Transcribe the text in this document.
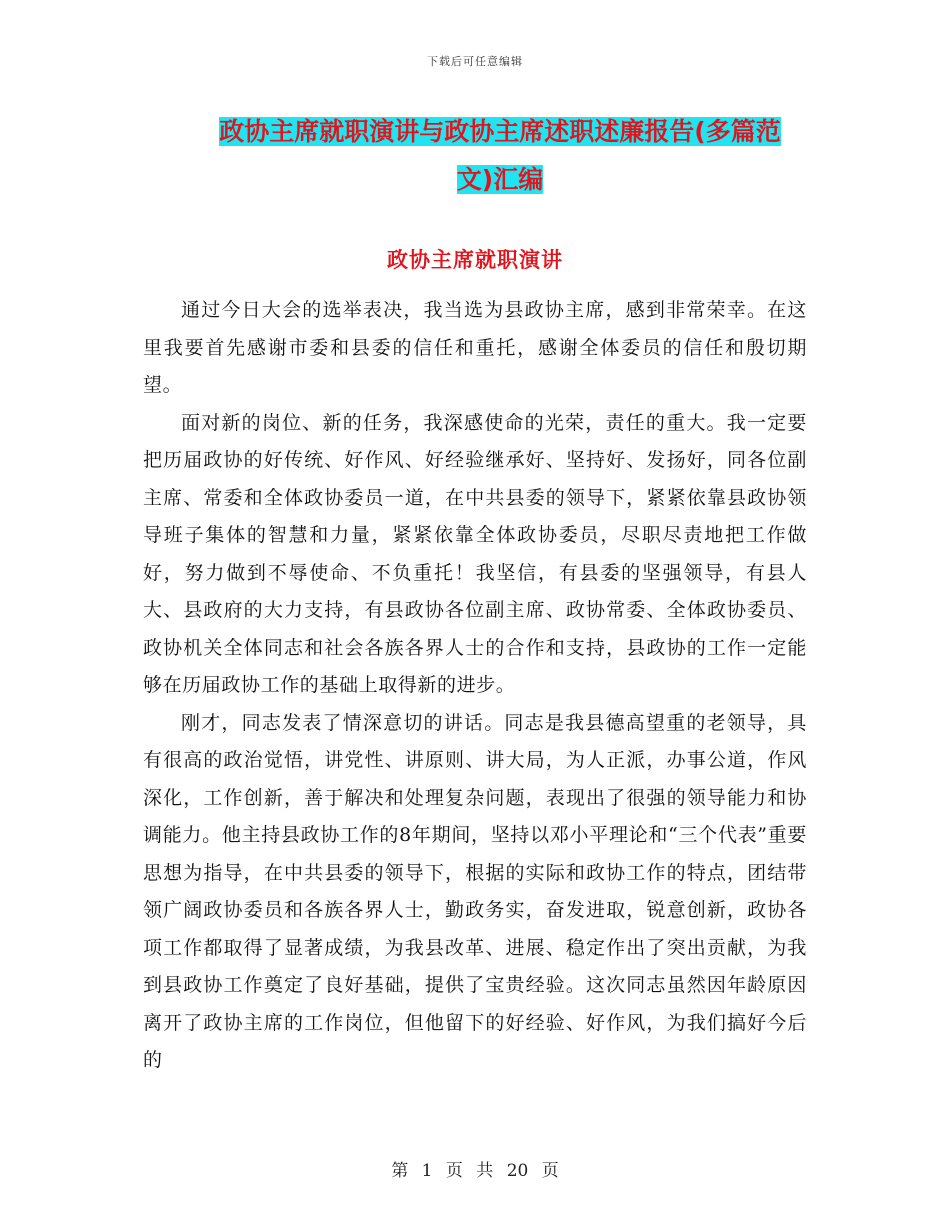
下载后可任意编辑
政协主席就职演讲与政协主席述职述廉报告(多篇范
文)汇编
政协主席就职演讲

通过今日大会的选举表决，我当选为县政协主席，感到非常荣幸。在这里我要首先感谢市委和县委的信任和重托，感谢全体委员的信任和殷切期望。

面对新的岗位、新的任务，我深感使命的光荣，责任的重大。我一定要把历届政协的好传统、好作风、好经验继承好、坚持好、发扬好，同各位副主席、常委和全体政协委员一道，在中共县委的领导下，紧紧依靠县政协领导班子集体的智慧和力量，紧紧依靠全体政协委员，尽职尽责地把工作做好，努力做到不辱使命、不负重托！我坚信，有县委的坚强领导，有县人大、县政府的大力支持，有县政协各位副主席、政协常委、全体政协委员、政协机关全体同志和社会各族各界人士的合作和支持，县政协的工作一定能够在历届政协工作的基础上取得新的进步。

刚才，同志发表了情深意切的讲话。同志是我县德高望重的老领导，具有很高的政治觉悟，讲党性、讲原则、讲大局，为人正派，办事公道，作风深化，工作创新，善于解决和处理复杂问题，表现出了很强的领导能力和协调能力。他主持县政协工作的8年期间，坚持以邓小平理论和“三个代表”重要思想为指导，在中共县委的领导下，根据的实际和政协工作的特点，团结带领广阔政协委员和各族各界人士，勤政务实，奋发进取，锐意创新，政协各项工作都取得了显著成绩，为我县改革、进展、稳定作出了突出贡献，为我到县政协工作奠定了良好基础，提供了宝贵经验。这次同志虽然因年龄原因离开了政协主席的工作岗位，但他留下的好经验、好作风，为我们搞好今后的

第 1 页 共 20 页
